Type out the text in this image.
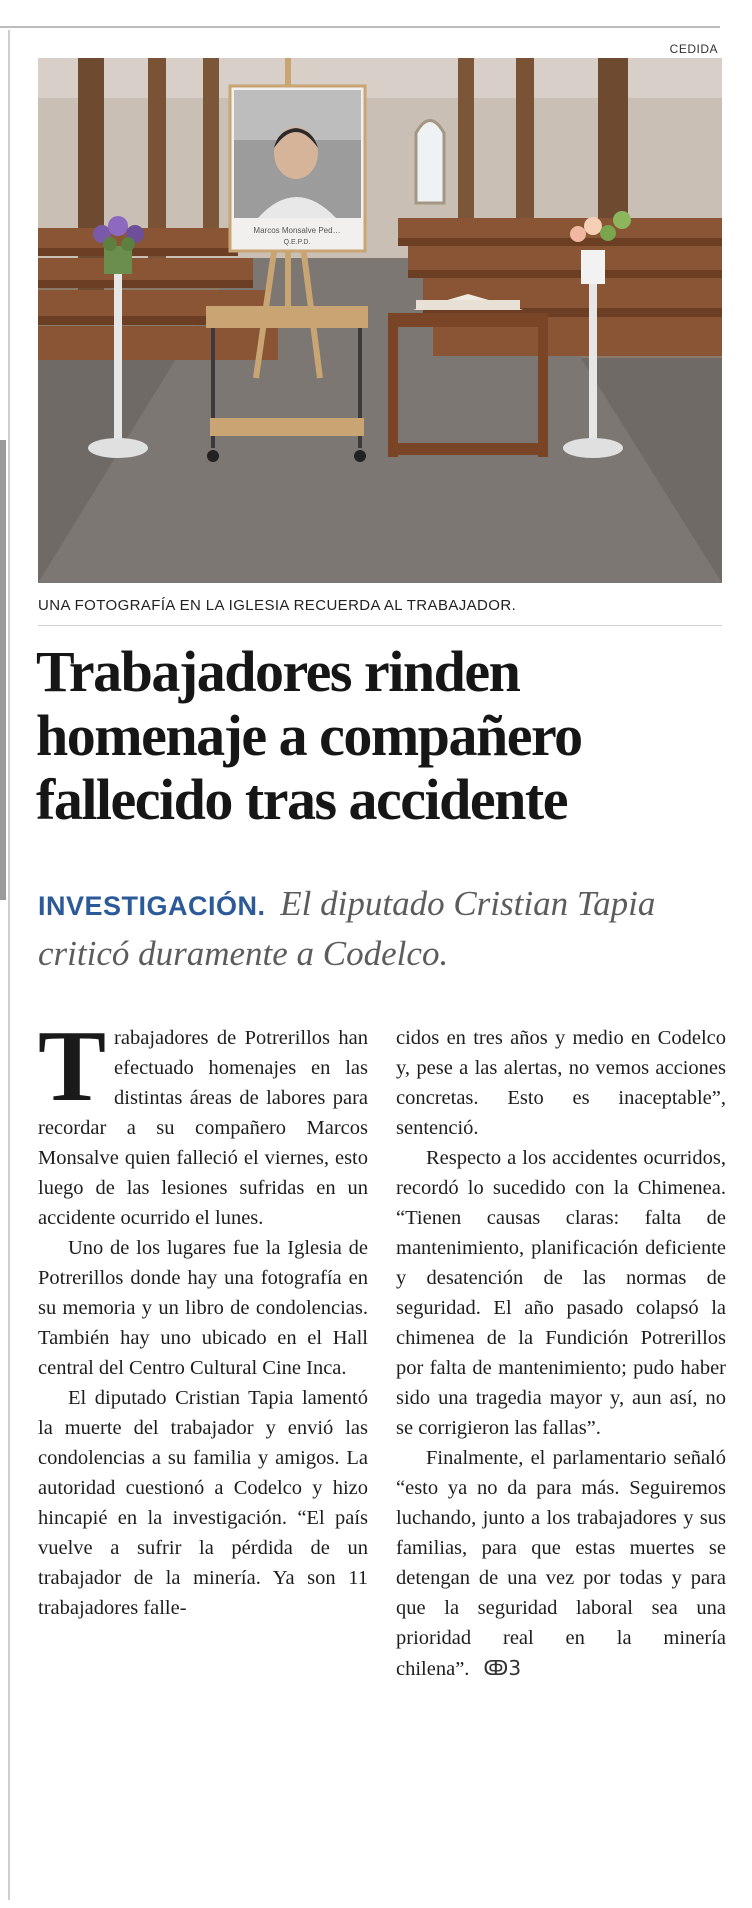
CEDIDA
Marcos Monsalve Ped…
Q.E.P.D.
UNA FOTOGRAFÍA EN LA IGLESIA RECUERDA AL TRABAJADOR.
Trabajadores rinden
homenaje a compañero
fallecido tras accidente

INVESTIGACIÓN. El diputado Cristian Tapia criticó duramente a Codelco.

Trabajadores de Potrerillos han efectuado homenajes en las distintas áreas de labores para recordar a su compañero Marcos Monsalve quien falleció el viernes, esto luego de las lesiones sufridas en un accidente ocurrido el lunes.

Uno de los lugares fue la Iglesia de Potrerillos donde hay una fotografía en su memoria y un libro de condolencias. También hay uno ubicado en el Hall central del Centro Cultural Cine Inca.

El diputado Cristian Tapia lamentó la muerte del trabajador y envió las condolencias a su familia y amigos. La autoridad cuestionó a Codelco y hizo hincapié en la investigación. “El país vuelve a sufrir la pérdida de un trabajador de la minería. Ya son 11 trabajadores falle-

cidos en tres años y medio en Codelco y, pese a las alertas, no vemos acciones concretas. Esto es inaceptable”, sentenció.

Respecto a los accidentes ocurridos, recordó lo sucedido con la Chimenea. “Tienen causas claras: falta de mantenimiento, planificación deficiente y desatención de las normas de seguridad. El año pasado colapsó la chimenea de la Fundición Potrerillos por falta de mantenimiento; pudo haber sido una tragedia mayor y, aun así, no se corrigieron las fallas”.

Finalmente, el parlamentario señaló “esto ya no da para más. Seguiremos luchando, junto a los trabajadores y sus familias, para que estas muertes se detengan de una vez por todas y para que la seguridad laboral sea una prioridad real en la minería chilena”. ↂ3
